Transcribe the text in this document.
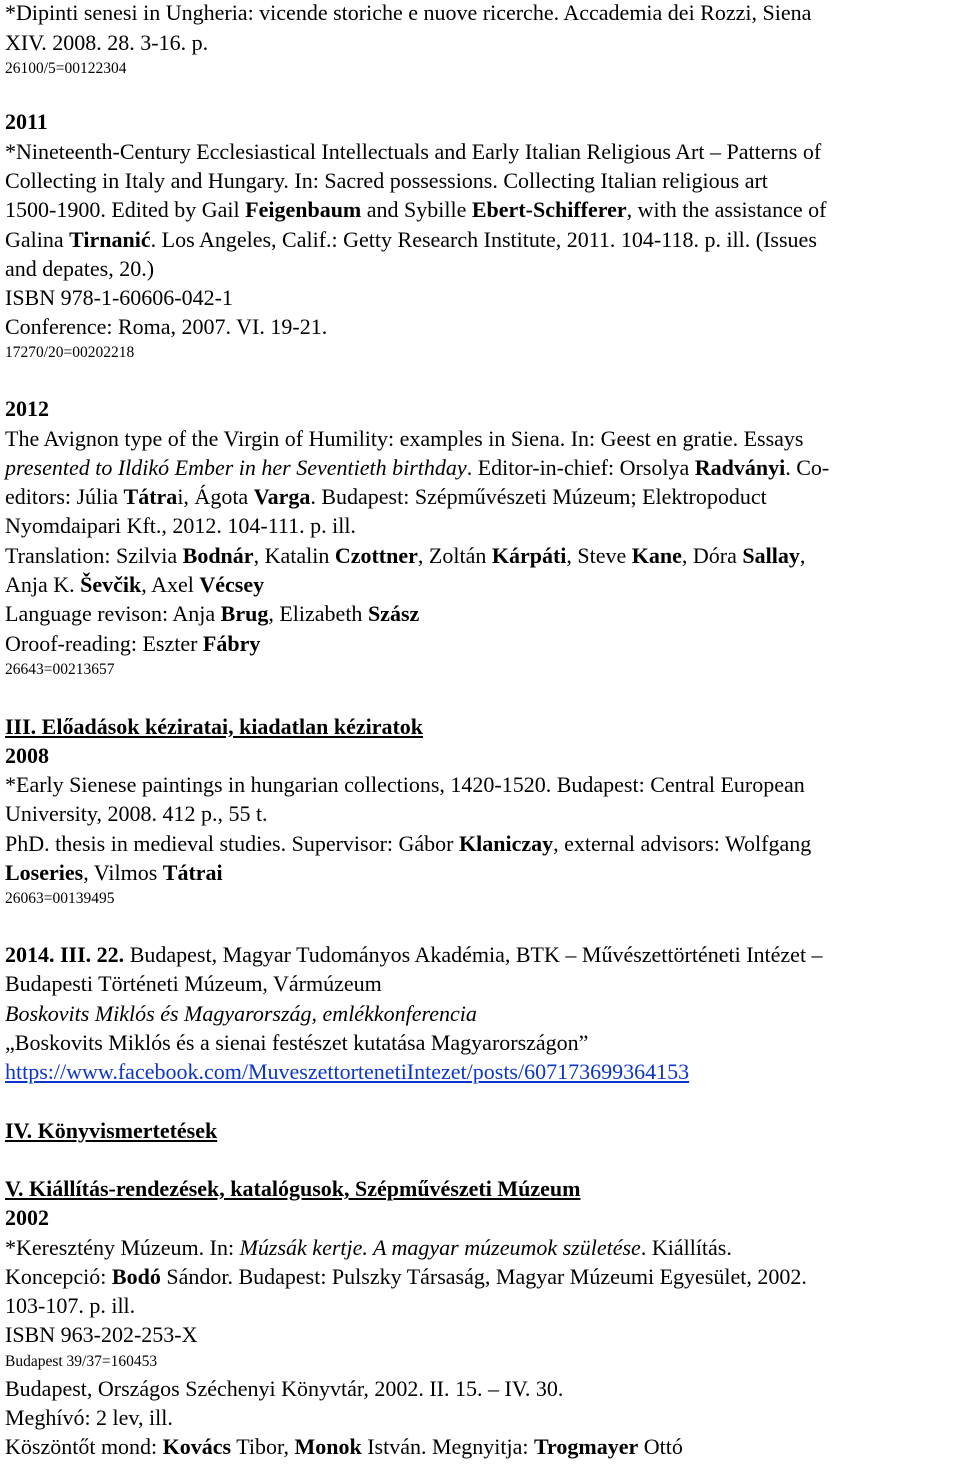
*Dipinti senesi in Ungheria: vicende storiche e nuove ricerche. Accademia dei Rozzi, Siena
XIV. 2008. 28. 3-16. p.
26100/5=00122304
2011
*Nineteenth-Century Ecclesiastical Intellectuals and Early Italian Religious Art – Patterns of
Collecting in Italy and Hungary. In: Sacred possessions. Collecting Italian religious art
1500-1900. Edited by Gail Feigenbaum and Sybille Ebert-Schifferer, with the assistance of
Galina Tirnanić. Los Angeles, Calif.: Getty Research Institute, 2011. 104-118. p. ill. (Issues
and depates, 20.)
ISBN 978-1-60606-042-1
Conference: Roma, 2007. VI. 19-21.
17270/20=00202218
2012
The Avignon type of the Virgin of Humility: examples in Siena. In: Geest en gratie. Essays
presented to Ildikó Ember in her Seventieth birthday. Editor-in-chief: Orsolya Radványi. Co-
editors: Júlia Tátrai, Ágota Varga. Budapest: Szépművészeti Múzeum; Elektropoduct
Nyomdaipari Kft., 2012. 104-111. p. ill.
Translation: Szilvia Bodnár, Katalin Czottner, Zoltán Kárpáti, Steve Kane, Dóra Sallay,
Anja K. Ševčik, Axel Vécsey
Language revison: Anja Brug, Elizabeth Szász
Oroof-reading: Eszter Fábry
26643=00213657
III. Előadások kéziratai, kiadatlan kéziratok
2008
*Early Sienese paintings in hungarian collections, 1420-1520. Budapest: Central European
University, 2008. 412 p., 55 t.
PhD. thesis in medieval studies. Supervisor: Gábor Klaniczay, external advisors: Wolfgang
Loseries, Vilmos Tátrai
26063=00139495
2014. III. 22. Budapest, Magyar Tudományos Akadémia, BTK – Művészettörténeti Intézet –
Budapesti Történeti Múzeum, Vármúzeum
Boskovits Miklós és Magyarország, emlékkonferencia
„Boskovits Miklós és a sienai festészet kutatása Magyarországon”
https://www.facebook.com/MuveszettortenetiIntezet/posts/607173699364153
IV. Könyvismertetések
V. Kiállítás-rendezések, katalógusok, Szépművészeti Múzeum
2002
*Keresztény Múzeum. In: Múzsák kertje. A magyar múzeumok születése. Kiállítás.
Koncepció: Bodó Sándor. Budapest: Pulszky Társaság, Magyar Múzeumi Egyesület, 2002.
103-107. p. ill.
ISBN 963-202-253-X
Budapest 39/37=160453
Budapest, Országos Széchenyi Könyvtár, 2002. II. 15. – IV. 30.
Meghívó: 2 lev, ill.
Köszöntőt mond: Kovács Tibor, Monok István. Megnyitja: Trogmayer Ottó
